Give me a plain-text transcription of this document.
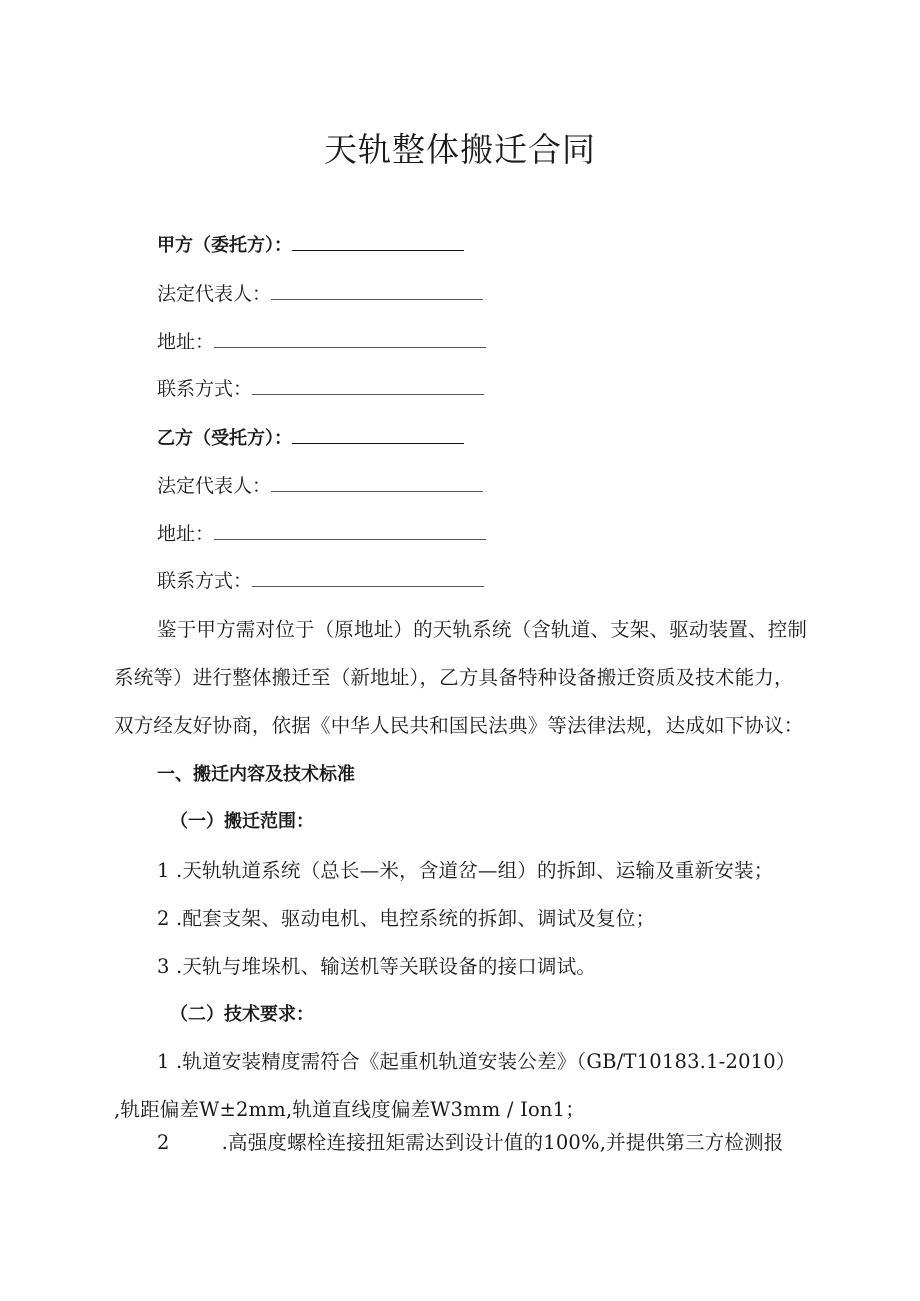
天轨整体搬迁合同
甲方（委托方）：
法定代表人：
地址：
联系方式：
乙方（受托方）：
法定代表人：
地址：
联系方式：
鉴于甲方需对位于（原地址）的天轨系统（含轨道、支架、驱动装置、控制
系统等）进行整体搬迁至（新地址），乙方具备特种设备搬迁资质及技术能力，
双方经友好协商，依据《中华人民共和国民法典》等法律法规，达成如下协议：
一、搬迁内容及技术标准
（一）搬迁范围：
1 .天轨轨道系统（总长—米，含道岔—组）的拆卸、运输及重新安装；
2 .配套支架、驱动电机、电控系统的拆卸、调试及复位；
3 .天轨与堆垛机、输送机等关联设备的接口调试。
（二）技术要求：
1 .轨道安装精度需符合《起重机轨道安装公差》（GB/T10183.1-2010）
,轨距偏差W±2mm,轨道直线度偏差W3mm / Ion1；
2	.高强度螺栓连接扭矩需达到设计值的100%,并提供第三方检测报
